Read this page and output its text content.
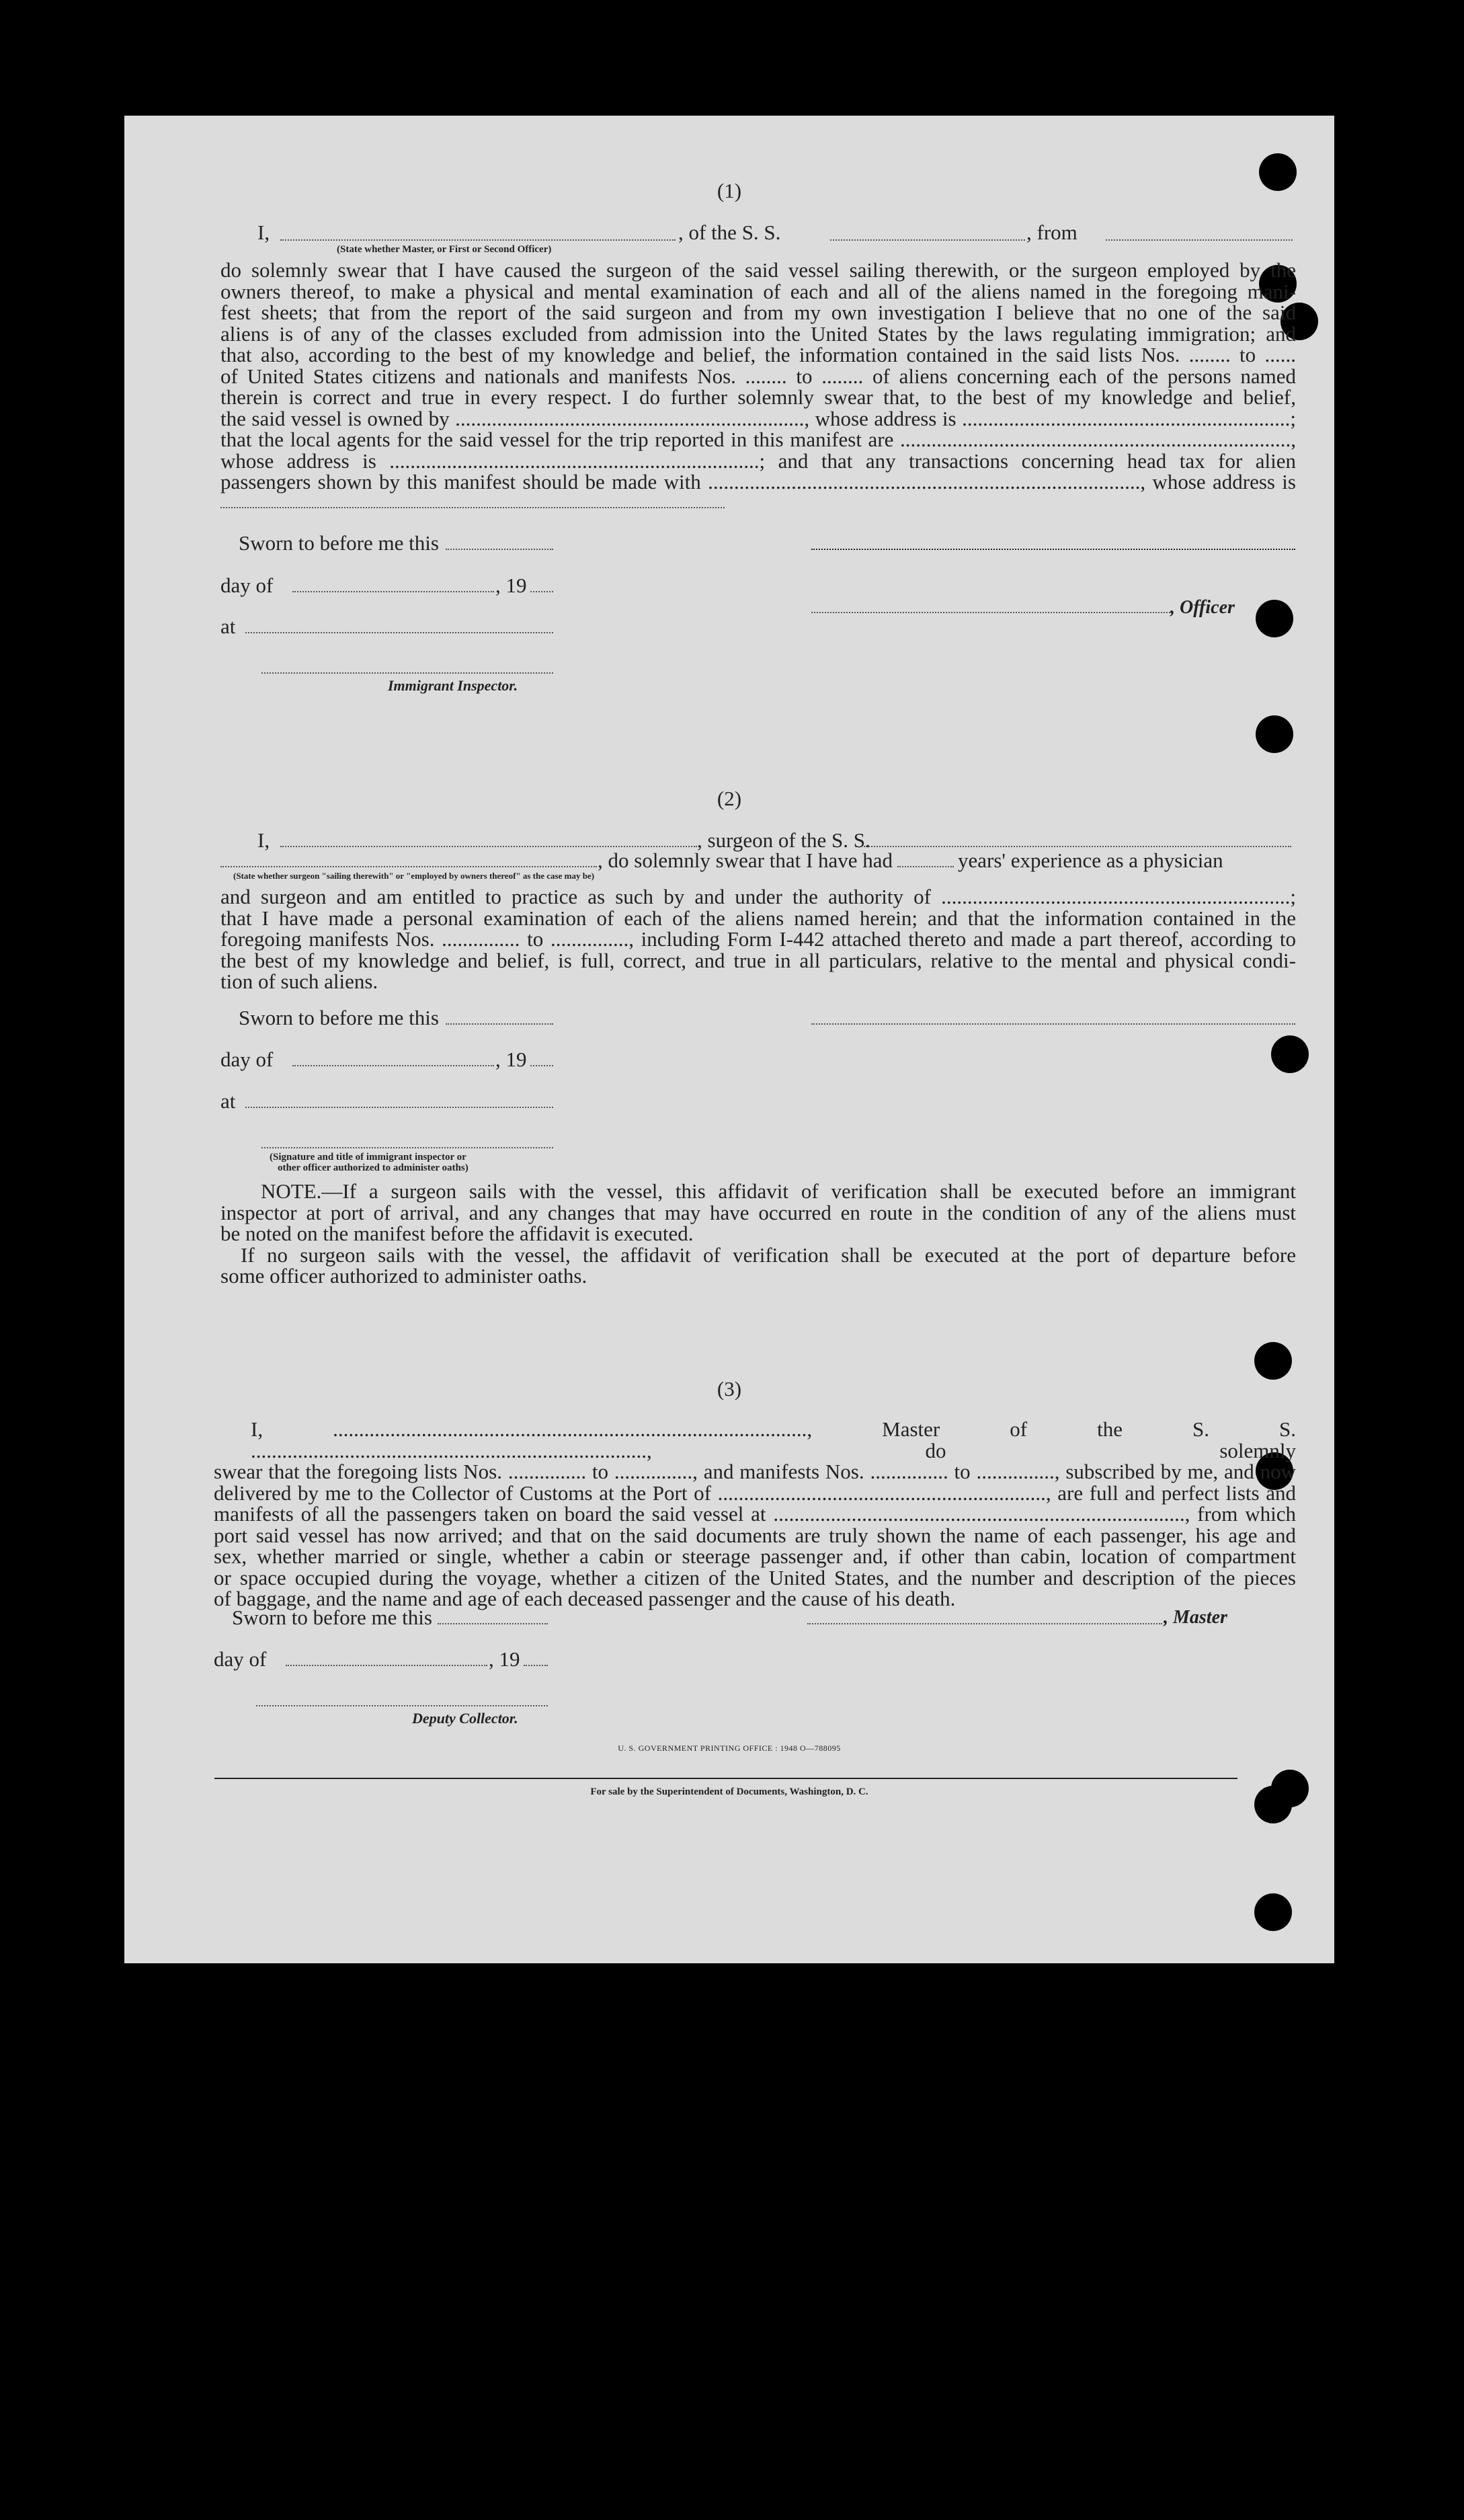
(1)
I,	, of the S. S.	, from
(State whether Master, or First or Second Officer)
do solemnly swear that I have caused the surgeon of the said vessel sailing therewith, or the surgeon employed by the
owners thereof, to make a physical and mental examination of each and all of the aliens named in the foregoing mani-
fest sheets; that from the report of the said surgeon and from my own investigation I believe that no one of the said
aliens is of any of the classes excluded from admission into the United States by the laws regulating immigration; and
that also, according to the best of my knowledge and belief, the information contained in the said lists Nos. ........ to ......
of United States citizens and nationals and manifests Nos. ........ to ........ of aliens concerning each of the persons named
therein is correct and true in every respect. I do further solemnly swear that, to the best of my knowledge and belief,
the said vessel is owned by ..................................................................., whose address is ...............................................................;
that the local agents for the said vessel for the trip reported in this manifest are ...........................................................................,
whose address is .......................................................................; and that any transactions concerning head tax for alien
passengers shown by this manifest should be made with ..................................................................................., whose address is
Sworn to before me this
day of	, 19
, Officer
at
Immigrant Inspector.
(2)
I,	, surgeon of the S. S.
, do solemnly swear that I have had	years' experience as a physician
(State whether surgeon "sailing therewith" or "employed by owners thereof" as the case may be)
and surgeon and am entitled to practice as such by and under the authority of ...................................................................;
that I have made a personal examination of each of the aliens named herein; and that the information contained in the
foregoing manifests Nos. ............... to ..............., including Form I-442 attached thereto and made a part thereof, according to
the best of my knowledge and belief, is full, correct, and true in all particulars, relative to the mental and physical condi-
tion of such aliens.
Sworn to before me this
day of	, 19
at
(Signature and title of immigrant inspector or
other officer authorized to administer oaths)
NOTE.—If a surgeon sails with the vessel, this affidavit of verification shall be executed before an immigrant
inspector at port of arrival, and any changes that may have occurred en route in the condition of any of the aliens must
be noted on the manifest before the affidavit is executed.
If no surgeon sails with the vessel, the affidavit of verification shall be executed at the port of departure before
some officer authorized to administer oaths.
(3)
I, ..........................................................................................., Master of the S. S. ............................................................................, do solemnly
swear that the foregoing lists Nos. ............... to ..............., and manifests Nos. ............... to ..............., subscribed by me, and now
delivered by me to the Collector of Customs at the Port of ..............................................................., are full and perfect lists and
manifests of all the passengers taken on board the said vessel at ..............................................................................., from which
port said vessel has now arrived; and that on the said documents are truly shown the name of each passenger, his age and
sex, whether married or single, whether a cabin or steerage passenger and, if other than cabin, location of compartment
or space occupied during the voyage, whether a citizen of the United States, and the number and description of the pieces
of baggage, and the name and age of each deceased passenger and the cause of his death.
Sworn to before me this	, Master
day of	, 19
Deputy Collector.
U. S. GOVERNMENT PRINTING OFFICE : 1948 O—788095
For sale by the Superintendent of Documents, Washington, D. C.
